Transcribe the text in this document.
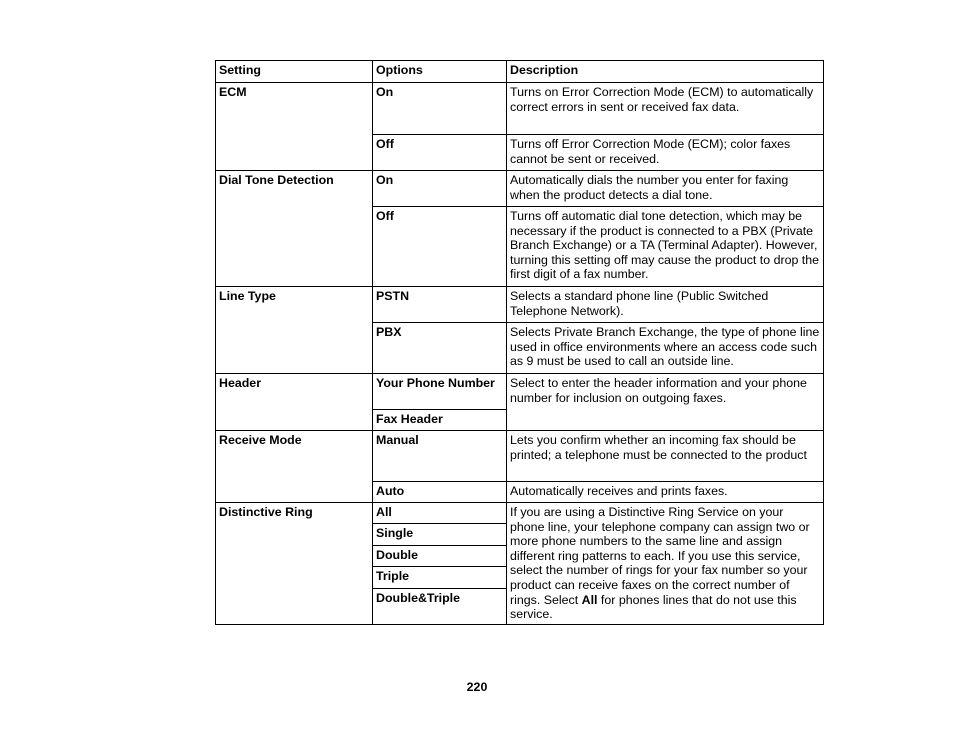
Setting	Options	Description
ECM	On	Turns on Error Correction Mode (ECM) to automatically correct errors in sent or received fax data.
	Off	Turns off Error Correction Mode (ECM); color faxes cannot be sent or received.
Dial Tone Detection	On	Automatically dials the number you enter for faxing when the product detects a dial tone.
	Off	Turns off automatic dial tone detection, which may be necessary if the product is connected to a PBX (Private Branch Exchange) or a TA (Terminal Adapter). However, turning this setting off may cause the product to drop the first digit of a fax number.
Line Type	PSTN	Selects a standard phone line (Public Switched Telephone Network).
	PBX	Selects Private Branch Exchange, the type of phone line used in office environments where an access code such as 9 must be used to call an outside line.
Header	Your Phone Number	Select to enter the header information and your phone number for inclusion on outgoing faxes.
	Fax Header	
Receive Mode	Manual	Lets you confirm whether an incoming fax should be printed; a telephone must be connected to the product
	Auto	Automatically receives and prints faxes.
Distinctive Ring	All	If you are using a Distinctive Ring Service on your phone line, your telephone company can assign two or more phone numbers to the same line and assign different ring patterns to each. If you use this service, select the number of rings for your fax number so your product can receive faxes on the correct number of rings. Select All for phones lines that do not use this service.
	Single	
	Double	
	Triple	
	Double&Triple	
220
